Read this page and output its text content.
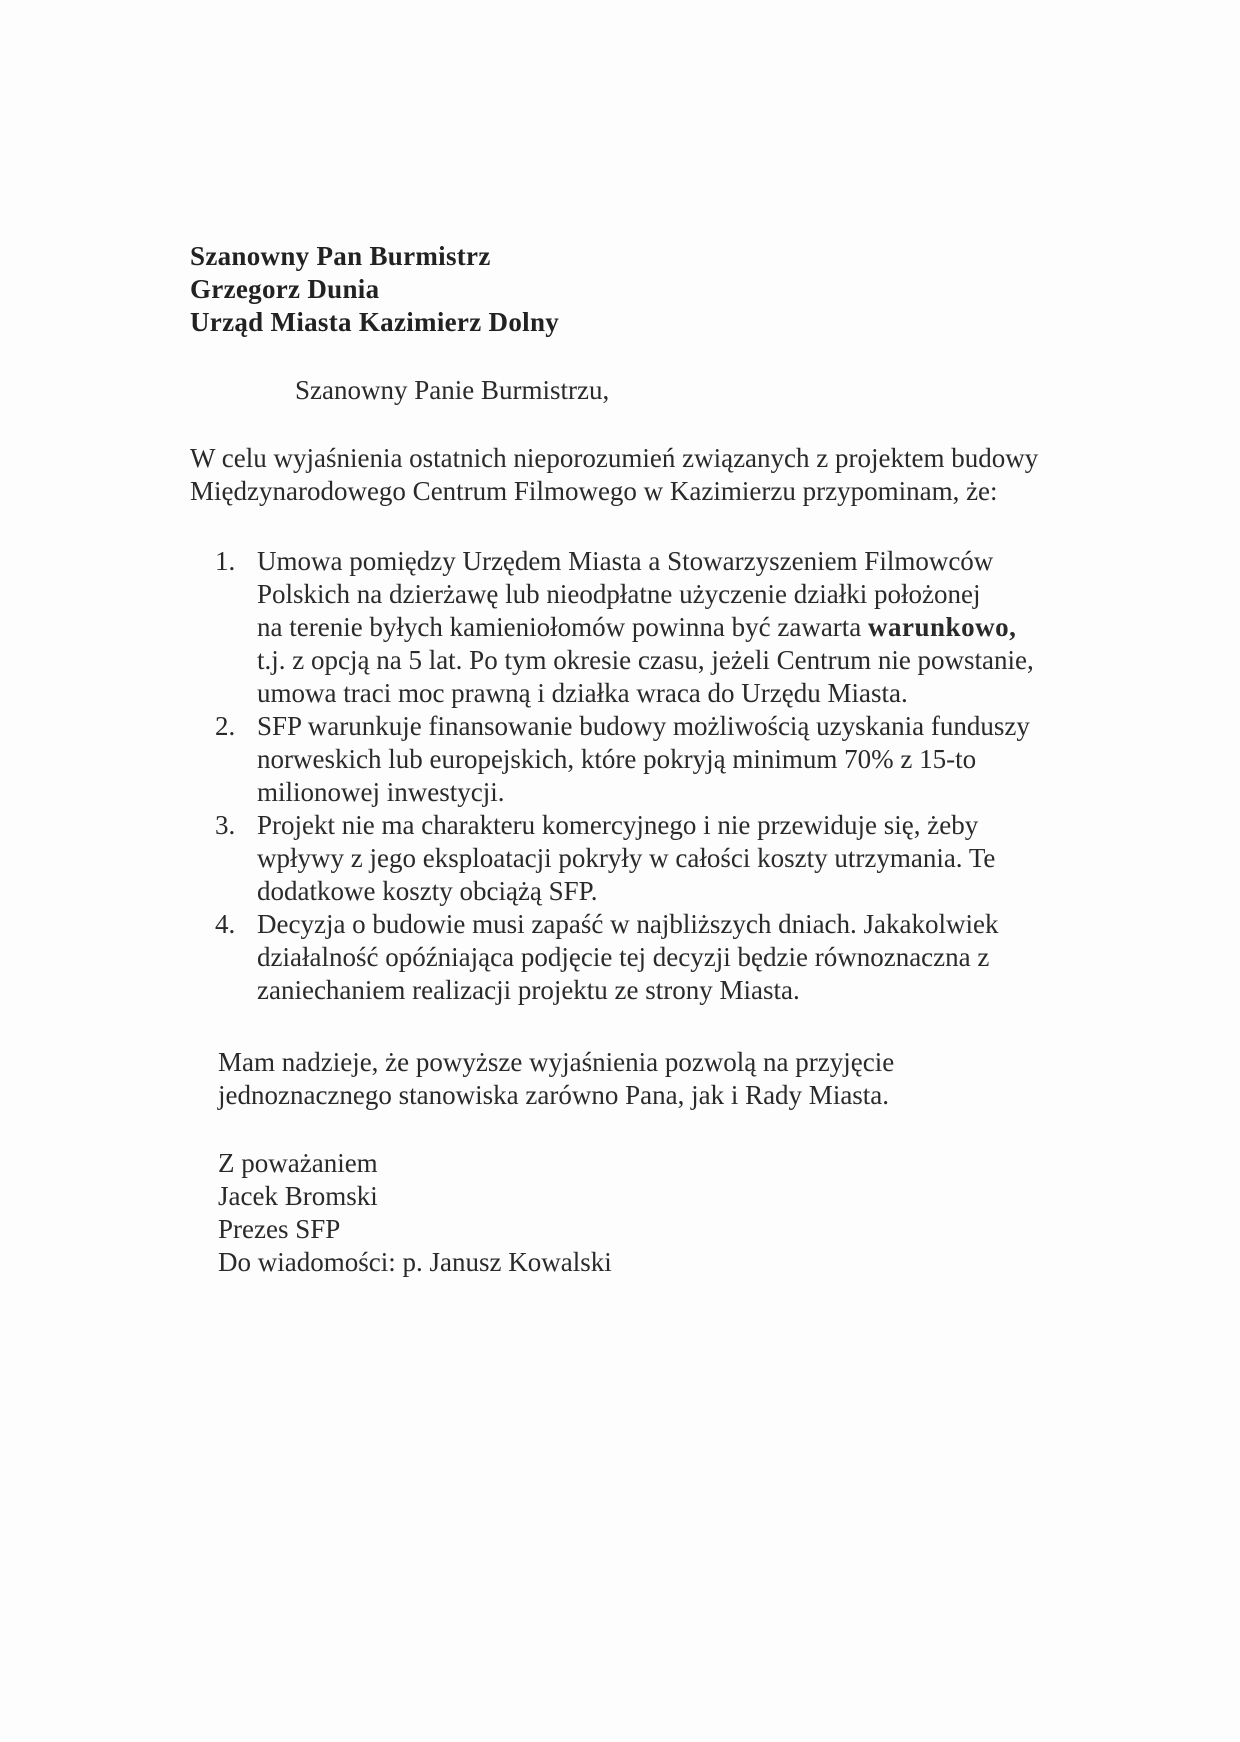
Szanowny Pan Burmistrz
Grzegorz Dunia
Urząd Miasta Kazimierz Dolny
Szanowny Panie Burmistrzu,
W celu wyjaśnienia ostatnich nieporozumień związanych z projektem budowy
Międzynarodowego Centrum Filmowego w Kazimierzu przypominam, że:
1. Umowa pomiędzy Urzędem Miasta a Stowarzyszeniem Filmowców
Polskich na dzierżawę lub nieodpłatne użyczenie działki położonej
na terenie byłych kamieniołomów powinna być zawarta warunkowo,
t.j. z opcją na 5 lat. Po tym okresie czasu, jeżeli Centrum nie powstanie,
umowa traci moc prawną i działka wraca do Urzędu Miasta.
2. SFP warunkuje finansowanie budowy możliwością uzyskania funduszy
norweskich lub europejskich, które pokryją minimum 70% z 15-to
milionowej inwestycji.
3. Projekt nie ma charakteru komercyjnego i nie przewiduje się, żeby
wpływy z jego eksploatacji pokryły w całości koszty utrzymania. Te
dodatkowe koszty obciążą SFP.
4. Decyzja o budowie musi zapaść w najbliższych dniach. Jakakolwiek
działalność opóźniająca podjęcie tej decyzji będzie równoznaczna z
zaniechaniem realizacji projektu ze strony Miasta.
Mam nadzieje, że powyższe wyjaśnienia pozwolą na przyjęcie
jednoznacznego stanowiska zarówno Pana, jak i Rady Miasta.
Z poważaniem
Jacek Bromski
Prezes SFP
Do wiadomości: p. Janusz Kowalski
